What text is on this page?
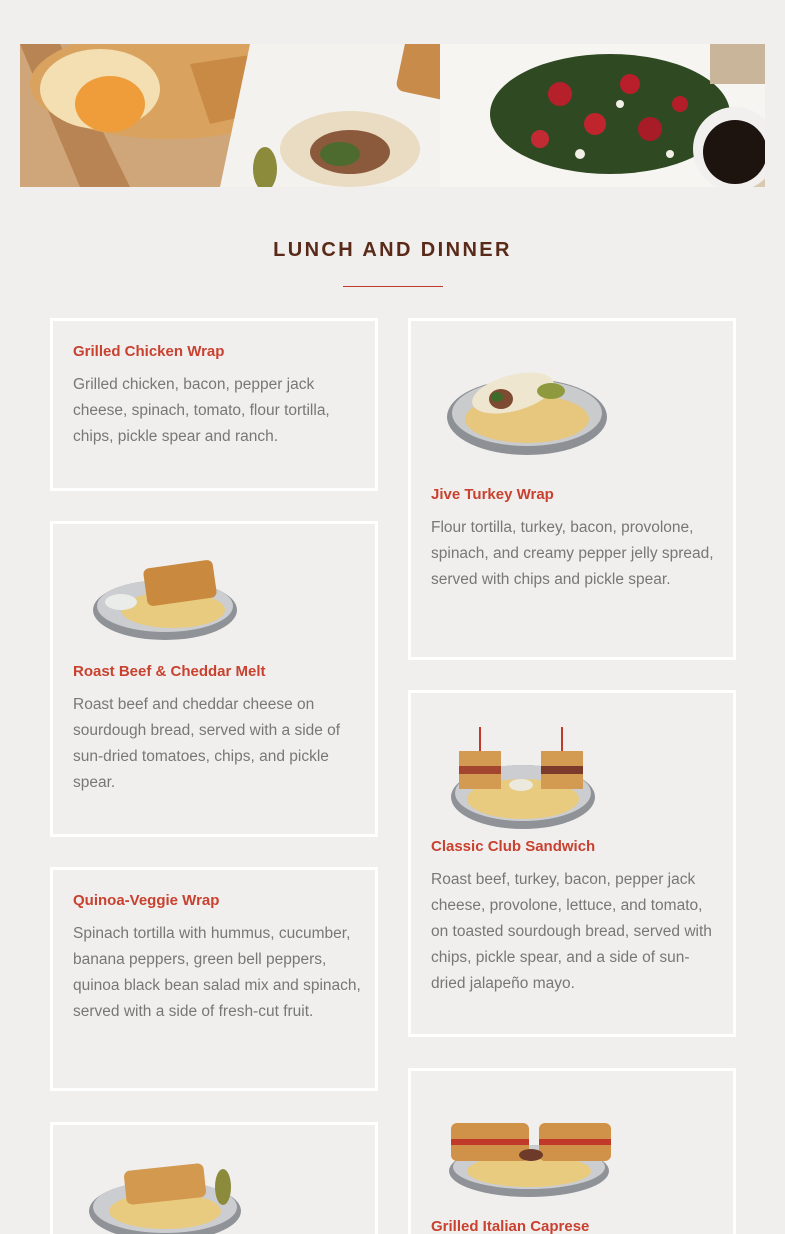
LUNCH AND DINNER
Grilled Chicken Wrap
Grilled chicken, bacon, pepper jack cheese, spinach, tomato, flour tortilla, chips, pickle spear and ranch.
Jive Turkey Wrap
Flour tortilla, turkey, bacon, provolone, spinach, and creamy pepper jelly spread, served with chips and pickle spear.
Roast Beef & Cheddar Melt
Roast beef and cheddar cheese on sourdough bread, served with a side of sun-dried tomatoes, chips, and pickle spear.
Classic Club Sandwich
Roast beef, turkey, bacon, pepper jack cheese, provolone, lettuce, and tomato, on toasted sourdough bread, served with chips, pickle spear, and a side of sun-dried jalapeño mayo.
Quinoa-Veggie Wrap
Spinach tortilla with hummus, cucumber, banana peppers, green bell peppers, quinoa black bean salad mix and spinach, served with a side of fresh-cut fruit.
Grilled Italian Caprese
